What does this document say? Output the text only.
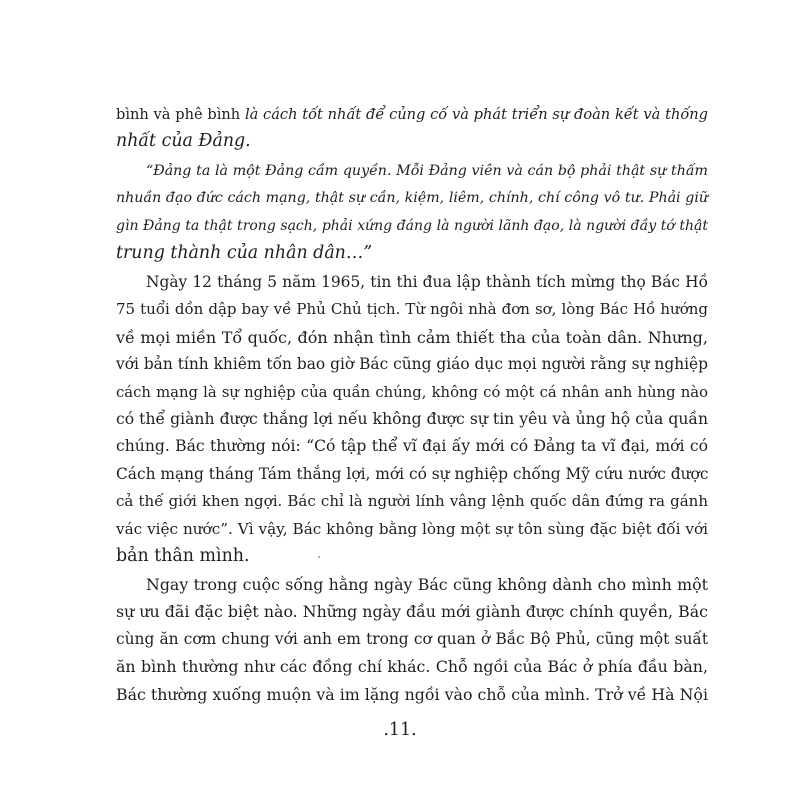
bình và phê bình là cách tốt nhất để củng cố và phát triển sự đoàn kết và thống
nhất của Đảng.
“Đảng ta là một Đảng cầm quyền. Mỗi Đảng viên và cán bộ phải thật sự thấm
nhuần đạo đức cách mạng, thật sự cần, kiệm, liêm, chính, chí công vô tư. Phải giữ
gìn Đảng ta thật trong sạch, phải xứng đáng là người lãnh đạo, là người đầy tớ thật
trung thành của nhân dân…”
Ngày 12 tháng 5 năm 1965, tin thi đua lập thành tích mừng thọ Bác Hồ
75 tuổi dồn dập bay về Phủ Chủ tịch. Từ ngôi nhà đơn sơ, lòng Bác Hồ hướng
về mọi miền Tổ quốc, đón nhận tình cảm thiết tha của toàn dân. Nhưng,
với bản tính khiêm tốn bao giờ Bác cũng giáo dục mọi người rằng sự nghiệp
cách mạng là sự nghiệp của quần chúng, không có một cá nhân anh hùng nào
có thể giành được thắng lợi nếu không được sự tin yêu và ủng hộ của quần
chúng. Bác thường nói: “Có tập thể vĩ đại ấy mới có Đảng ta vĩ đại, mới có
Cách mạng tháng Tám thắng lợi, mới có sự nghiệp chống Mỹ cứu nước được
cả thế giới khen ngợi. Bác chỉ là người lính vâng lệnh quốc dân đứng ra gánh
vác việc nước”. Vì vậy, Bác không bằng lòng một sự tôn sùng đặc biệt đối với
bản thân mình.
Ngay trong cuộc sống hằng ngày Bác cũng không dành cho mình một
sự ưu đãi đặc biệt nào. Những ngày đầu mới giành được chính quyền, Bác
cùng ăn cơm chung với anh em trong cơ quan ở Bắc Bộ Phủ, cũng một suất
ăn bình thường như các đồng chí khác. Chỗ ngồi của Bác ở phía đầu bàn,
Bác thường xuống muộn và im lặng ngồi vào chỗ của mình. Trở về Hà Nội
.11.
